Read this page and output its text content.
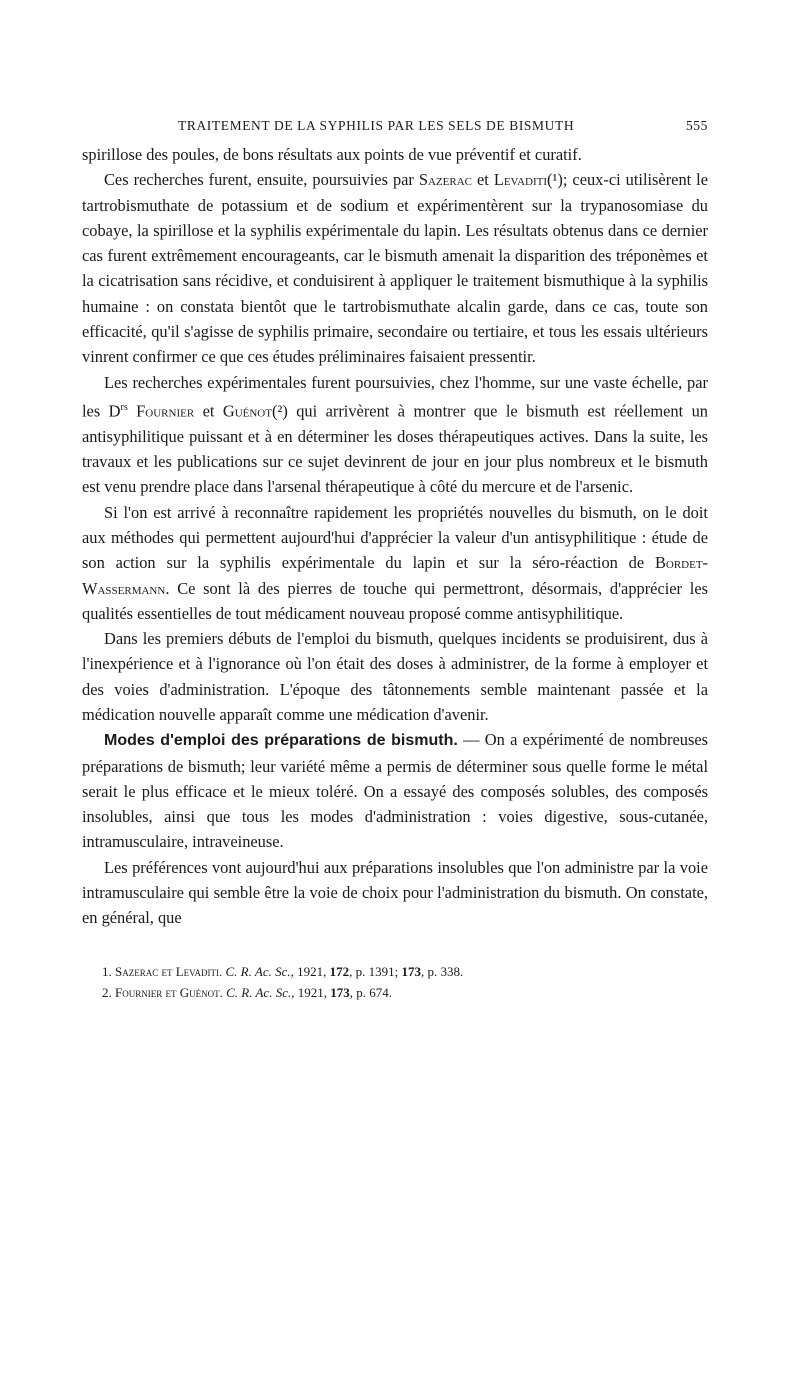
TRAITEMENT DE LA SYPHILIS PAR LES SELS DE BISMUTH	555

spirillose des poules, de bons résultats aux points de vue préventif et curatif.

Ces recherches furent, ensuite, poursuivies par Sazerac et Levaditi(¹); ceux-ci utilisèrent le tartrobismuthate de potassium et de sodium et expérimentèrent sur la trypanosomiase du cobaye, la spirillose et la syphilis expérimentale du lapin. Les résultats obtenus dans ce dernier cas furent extrêmement encourageants, car le bismuth amenait la disparition des tréponèmes et la cicatrisation sans récidive, et conduisirent à appliquer le traitement bismuthique à la syphilis humaine : on constata bientôt que le tartrobismuthate alcalin garde, dans ce cas, toute son efficacité, qu'il s'agisse de syphilis primaire, secondaire ou tertiaire, et tous les essais ultérieurs vinrent confirmer ce que ces études préliminaires faisaient pressentir.

Les recherches expérimentales furent poursuivies, chez l'homme, sur une vaste échelle, par les $D^{rs}$ Fournier et Guénot(²) qui arrivèrent à montrer que le bismuth est réellement un antisyphilitique puissant et à en déterminer les doses thérapeutiques actives. Dans la suite, les travaux et les publications sur ce sujet devinrent de jour en jour plus nombreux et le bismuth est venu prendre place dans l'arsenal thérapeutique à côté du mercure et de l'arsenic.

Si l'on est arrivé à reconnaître rapidement les propriétés nouvelles du bismuth, on le doit aux méthodes qui permettent aujourd'hui d'apprécier la valeur d'un antisyphilitique : étude de son action sur la syphilis expérimentale du lapin et sur la séro-réaction de Bordet-Wassermann. Ce sont là des pierres de touche qui permettront, désormais, d'apprécier les qualités essentielles de tout médicament nouveau proposé comme antisyphilitique.

Dans les premiers débuts de l'emploi du bismuth, quelques incidents se produisirent, dus à l'inexpérience et à l'ignorance où l'on était des doses à administrer, de la forme à employer et des voies d'administration. L'époque des tâtonnements semble maintenant passée et la médication nouvelle apparaît comme une médication d'avenir.

Modes d'emploi des préparations de bismuth. — On a expérimenté de nombreuses préparations de bismuth; leur variété même a permis de déterminer sous quelle forme le métal serait le plus efficace et le mieux toléré. On a essayé des composés solubles, des composés insolubles, ainsi que tous les modes d'administration : voies digestive, sous-cutanée, intramusculaire, intraveineuse.

Les préférences vont aujourd'hui aux préparations insolubles que l'on administre par la voie intramusculaire qui semble être la voie de choix pour l'administration du bismuth. On constate, en général, que

1. Sazerac et Levaditi. C. R. Ac. Sc., 1921, 172, p. 1391; 173, p. 338.
2. Fournier et Guénot. C. R. Ac. Sc., 1921, 173, p. 674.
